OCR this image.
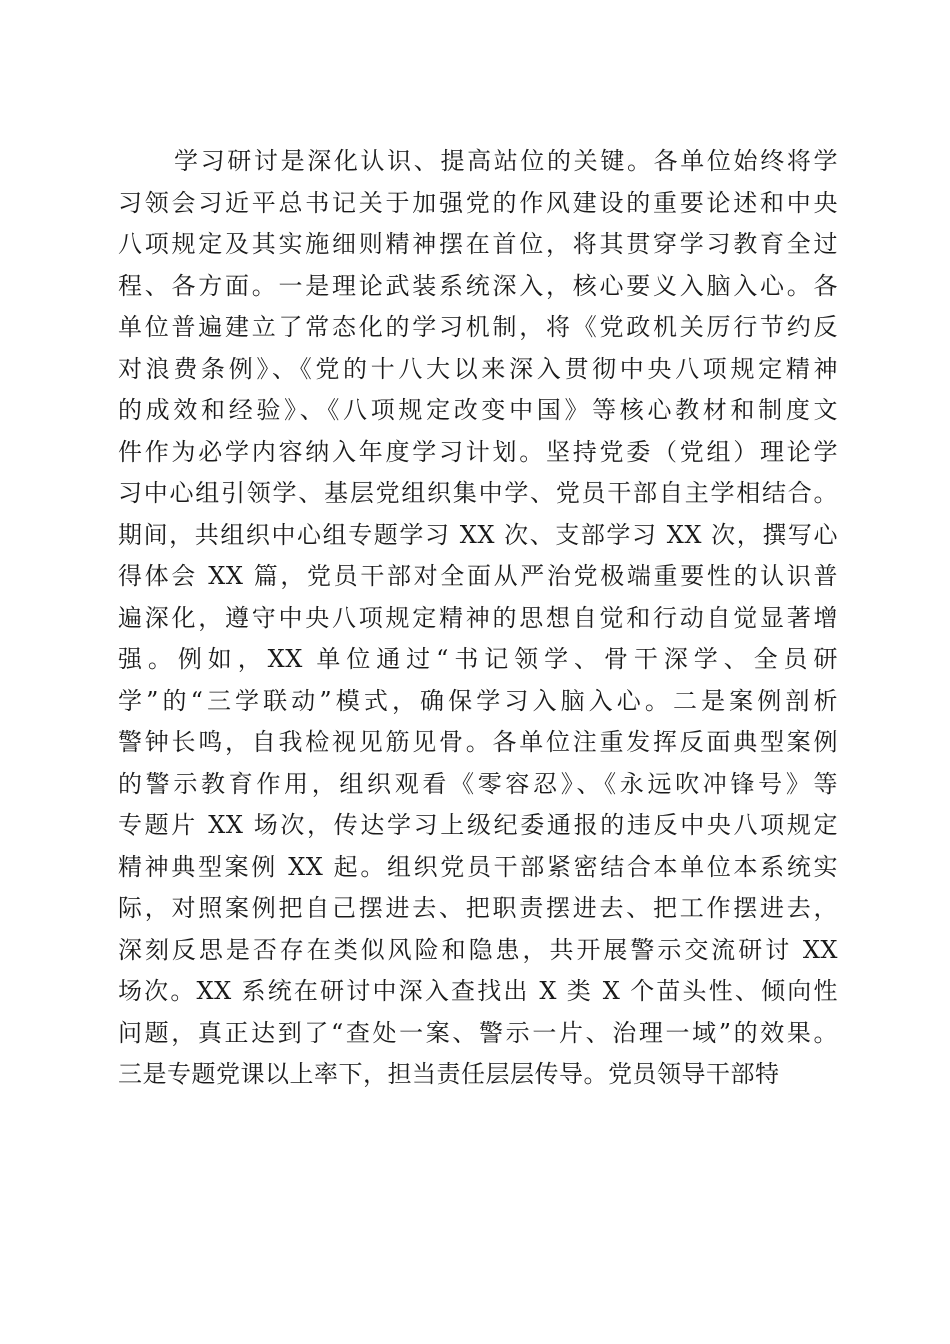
学习研讨是深化认识、提高站位的关键。各单位始终将学
习领会习近平总书记关于加强党的作风建设的重要论述和中央
八项规定及其实施细则精神摆在首位，将其贯穿学习教育全过
程、各方面。一是理论武装系统深入，核心要义入脑入心。各
单位普遍建立了常态化的学习机制，将《党政机关厉行节约反
对浪费条例》、《党的十八大以来深入贯彻中央八项规定精神
的成效和经验》、《八项规定改变中国》等核心教材和制度文
件作为必学内容纳入年度学习计划。坚持党委（党组）理论学
习中心组引领学、基层党组织集中学、党员干部自主学相结合。
期间，共组织中心组专题学习 XX 次、支部学习 XX 次，撰写心
得体会 XX 篇，党员干部对全面从严治党极端重要性的认识普
遍深化，遵守中央八项规定精神的思想自觉和行动自觉显著增
强。例如，XX 单位通过“书记领学、骨干深学、全员研
学”的“三学联动”模式，确保学习入脑入心。二是案例剖析
警钟长鸣，自我检视见筋见骨。各单位注重发挥反面典型案例
的警示教育作用，组织观看《零容忍》、《永远吹冲锋号》等
专题片 XX 场次，传达学习上级纪委通报的违反中央八项规定
精神典型案例 XX 起。组织党员干部紧密结合本单位本系统实
际，对照案例把自己摆进去、把职责摆进去、把工作摆进去，
深刻反思是否存在类似风险和隐患，共开展警示交流研讨 XX
场次。XX 系统在研讨中深入查找出 X 类 X 个苗头性、倾向性
问题，真正达到了“查处一案、警示一片、治理一域”的效果。
三是专题党课以上率下，担当责任层层传导。党员领导干部特
